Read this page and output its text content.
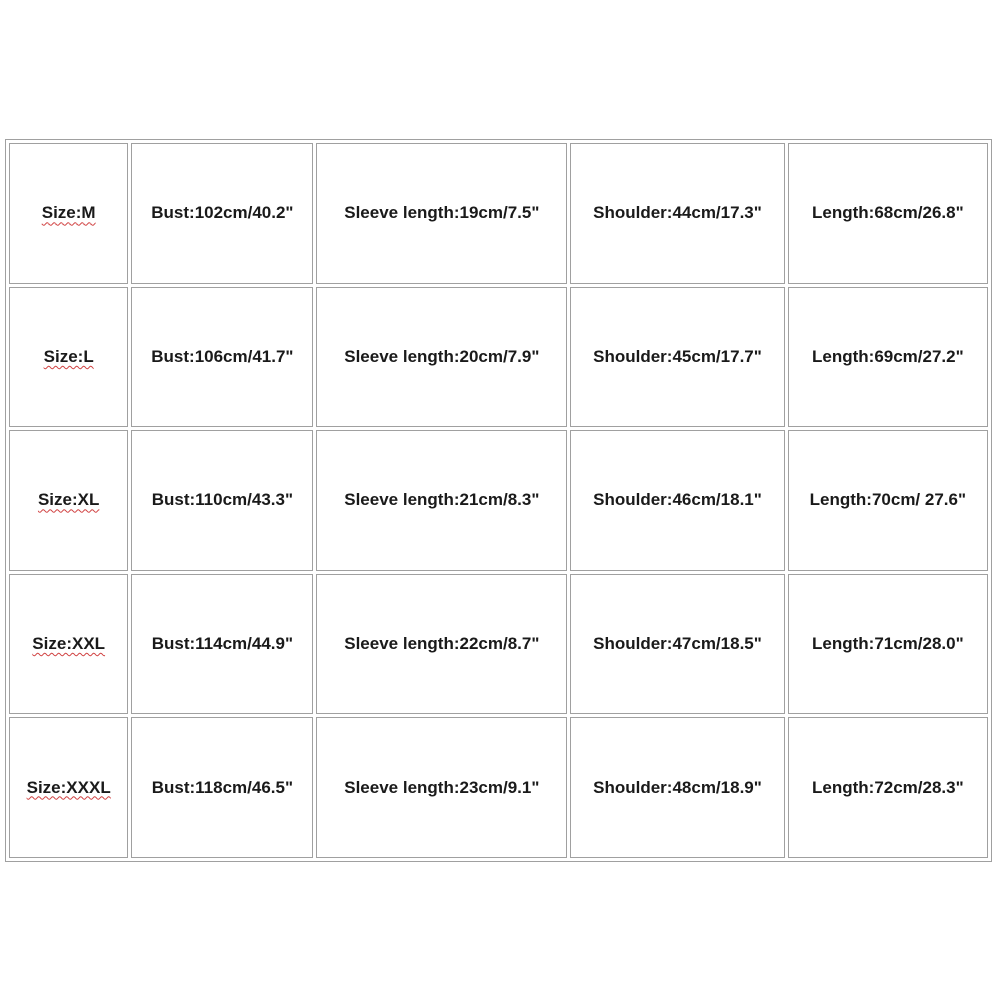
Size:M	Bust:102cm/40.2"	Sleeve length:19cm/7.5"	Shoulder:44cm/17.3"	Length:68cm/26.8"
Size:L	Bust:106cm/41.7"	Sleeve length:20cm/7.9"	Shoulder:45cm/17.7"	Length:69cm/27.2"
Size:XL	Bust:110cm/43.3"	Sleeve length:21cm/8.3"	Shoulder:46cm/18.1"	Length:70cm/ 27.6"
Size:XXL	Bust:114cm/44.9"	Sleeve length:22cm/8.7"	Shoulder:47cm/18.5"	Length:71cm/28.0"
Size:XXXL	Bust:118cm/46.5"	Sleeve length:23cm/9.1"	Shoulder:48cm/18.9"	Length:72cm/28.3"
